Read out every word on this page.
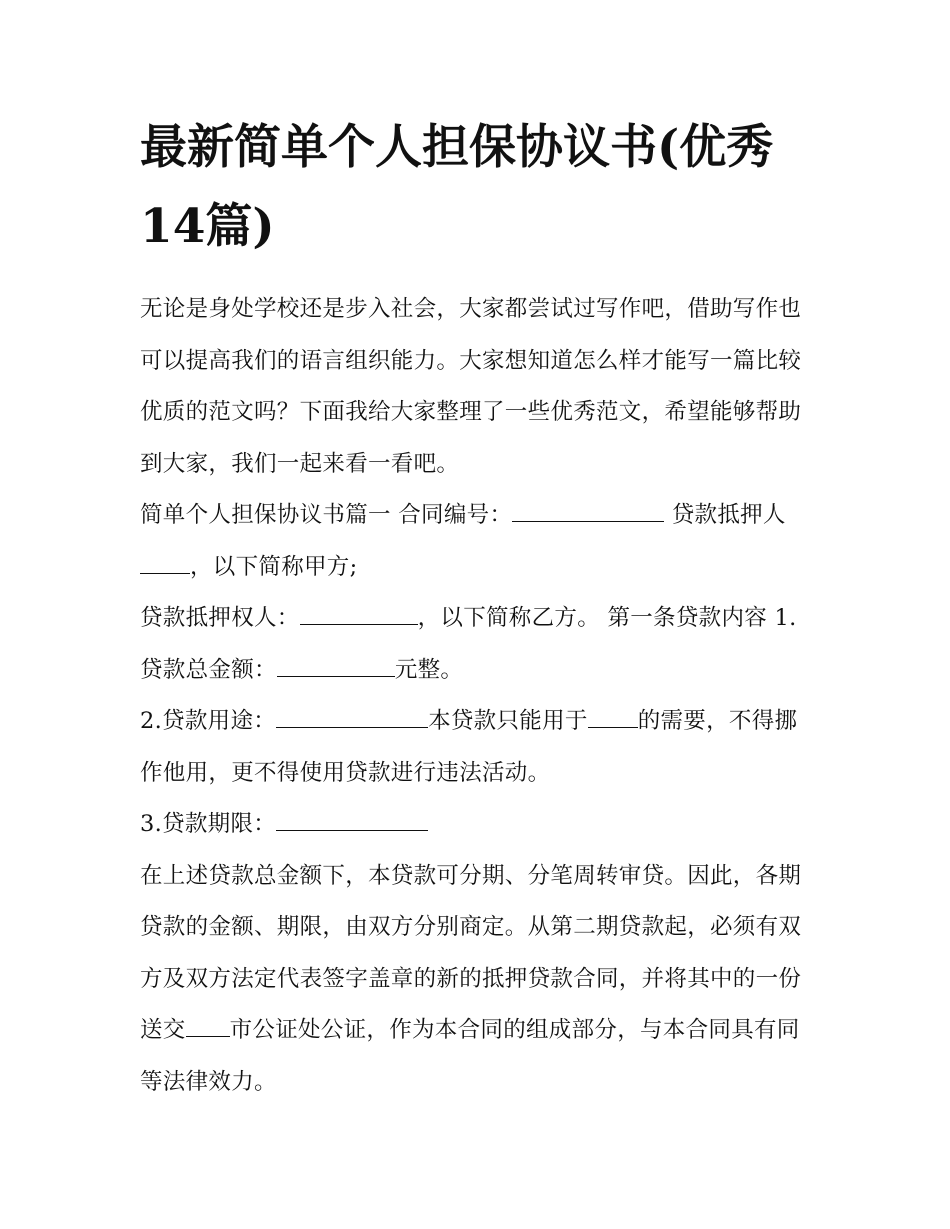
最新简单个人担保协议书(优秀14篇)

无论是身处学校还是步入社会，大家都尝试过写作吧，借助写作也可以提高我们的语言组织能力。大家想知道怎么样才能写一篇比较优质的范文吗？下面我给大家整理了一些优秀范文，希望能够帮助到大家，我们一起来看一看吧。

简单个人担保协议书篇一 合同编号：	贷款抵押人，以下简称甲方;

贷款抵押权人：	，以下简称乙方。 第一条贷款内容 1.贷款总金额：	元整。

2.贷款用途：	本贷款只能用于 的需要，不得挪作他用，更不得使用贷款进行违法活动。

3.贷款期限：

在上述贷款总金额下，本贷款可分期、分笔周转审贷。因此，各期贷款的金额、期限，由双方分别商定。从第二期贷款起，必须有双方及双方法定代表签字盖章的新的抵押贷款合同，并将其中的一份送交 市公证处公证，作为本合同的组成部分，与本合同具有同等法律效力。
